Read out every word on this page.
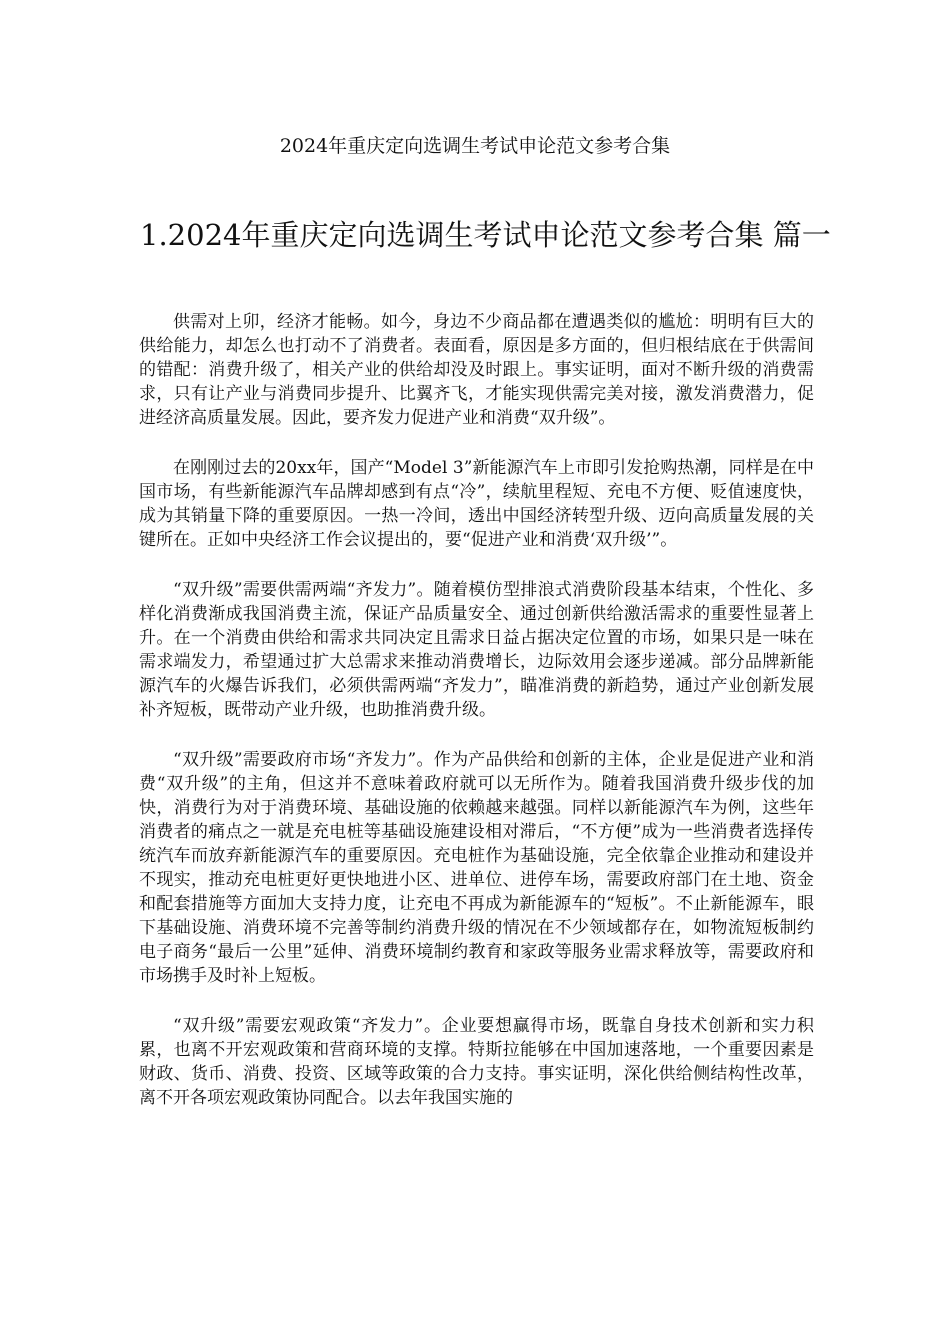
2024年重庆定向选调生考试申论范文参考合集
1.2024年重庆定向选调生考试申论范文参考合集 篇一

供需对上卯，经济才能畅。如今，身边不少商品都在遭遇类似的尴尬：明明有巨大的供给能力，却怎么也打动不了消费者。表面看，原因是多方面的，但归根结底在于供需间的错配：消费升级了，相关产业的供给却没及时跟上。事实证明，面对不断升级的消费需求，只有让产业与消费同步提升、比翼齐飞，才能实现供需完美对接，激发消费潜力，促进经济高质量发展。因此，要齐发力促进产业和消费“双升级”。

在刚刚过去的20xx年，国产“Model 3”新能源汽车上市即引发抢购热潮，同样是在中国市场，有些新能源汽车品牌却感到有点“冷”，续航里程短、充电不方便、贬值速度快，成为其销量下降的重要原因。一热一冷间，透出中国经济转型升级、迈向高质量发展的关键所在。正如中央经济工作会议提出的，要“促进产业和消费‘双升级’”。

“双升级”需要供需两端“齐发力”。随着模仿型排浪式消费阶段基本结束，个性化、多样化消费渐成我国消费主流，保证产品质量安全、通过创新供给激活需求的重要性显著上升。在一个消费由供给和需求共同决定且需求日益占据决定位置的市场，如果只是一味在需求端发力，希望通过扩大总需求来推动消费增长，边际效用会逐步递减。部分品牌新能源汽车的火爆告诉我们，必须供需两端“齐发力”，瞄准消费的新趋势，通过产业创新发展补齐短板，既带动产业升级，也助推消费升级。

“双升级”需要政府市场“齐发力”。作为产品供给和创新的主体，企业是促进产业和消费“双升级”的主角，但这并不意味着政府就可以无所作为。随着我国消费升级步伐的加快，消费行为对于消费环境、基础设施的依赖越来越强。同样以新能源汽车为例，这些年消费者的痛点之一就是充电桩等基础设施建设相对滞后，“不方便”成为一些消费者选择传统汽车而放弃新能源汽车的重要原因。充电桩作为基础设施，完全依靠企业推动和建设并不现实，推动充电桩更好更快地进小区、进单位、进停车场，需要政府部门在土地、资金和配套措施等方面加大支持力度，让充电不再成为新能源车的“短板”。不止新能源车，眼下基础设施、消费环境不完善等制约消费升级的情况在不少领域都存在，如物流短板制约电子商务“最后一公里”延伸、消费环境制约教育和家政等服务业需求释放等，需要政府和市场携手及时补上短板。

“双升级”需要宏观政策“齐发力”。企业要想赢得市场，既靠自身技术创新和实力积累，也离不开宏观政策和营商环境的支撑。特斯拉能够在中国加速落地，一个重要因素是财政、货币、消费、投资、区域等政策的合力支持。事实证明，深化供给侧结构性改革，离不开各项宏观政策协同配合。以去年我国实施的
